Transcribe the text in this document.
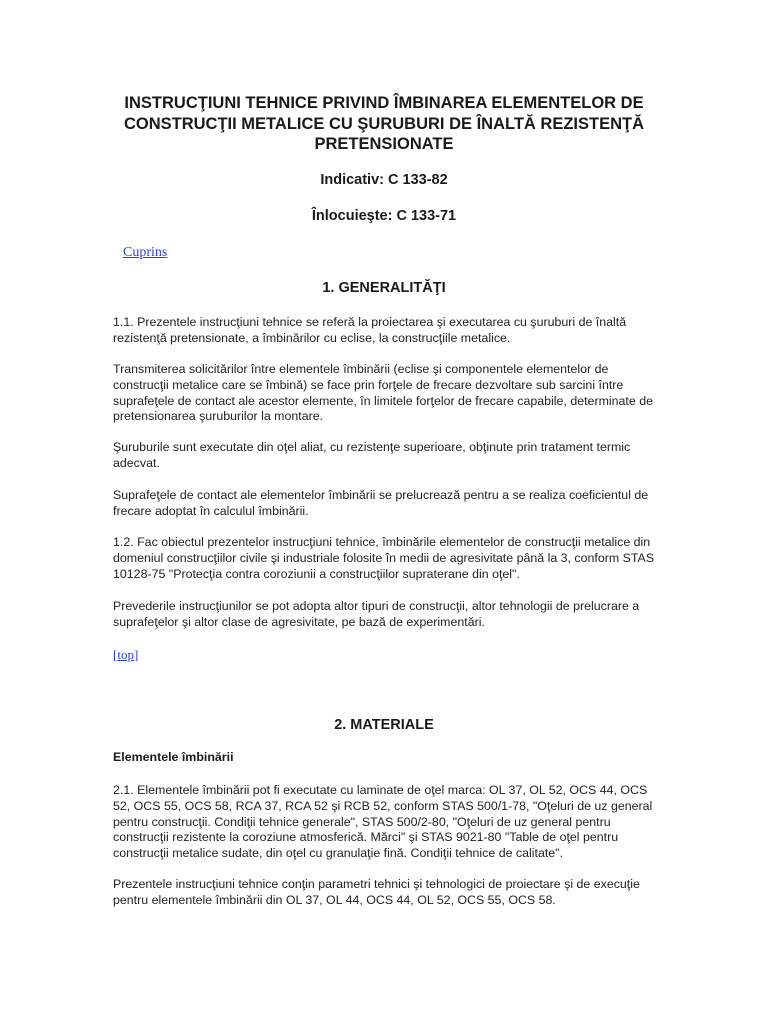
INSTRUCŢIUNI TEHNICE PRIVIND ÎMBINAREA ELEMENTELOR DE CONSTRUCŢII METALICE CU ŞURUBURI DE ÎNALTĂ REZISTENŢĂ PRETENSIONATE

Indicativ: C 133-82

Înlocuieşte: C 133-71

Cuprins
1. GENERALITĂŢI

1.1. Prezentele instrucţiuni tehnice se referă la proiectarea şi executarea cu şuruburi de înaltă rezistenţă pretensionate, a îmbinărilor cu eclise, la construcţiile metalice.

Transmiterea solicitărilor între elementele îmbinării (eclise şi componentele elementelor de construcţii metalice care se îmbină) se face prin forţele de frecare dezvoltare sub sarcini între suprafeţele de contact ale acestor elemente, în limitele forţelor de frecare capabile, determinate de pretensionarea şuruburilor la montare.

Şuruburile sunt executate din oţel aliat, cu rezistenţe superioare, obţinute prin tratament termic adecvat.

Suprafeţele de contact ale elementelor îmbinării se prelucrează pentru a se realiza coeficientul de frecare adoptat în calculul îmbinării.

1.2. Fac obiectul prezentelor instrucţiuni tehnice, îmbinările elementelor de construcţii metalice din domeniul construcţiilor civile şi industriale folosite în medii de agresivitate până la 3, conform STAS 10128-75 "Protecţia contra coroziunii a construcţiilor supraterane din oţel".

Prevederile instrucţiunilor se pot adopta altor tipuri de construcţii, altor tehnologii de prelucrare a suprafeţelor şi altor clase de agresivitate, pe bază de experimentări.

[top]
2. MATERIALE

Elementele îmbinării

2.1. Elementele îmbinării pot fi executate cu laminate de oţel marca: OL 37, OL 52, OCS 44, OCS 52, OCS 55, OCS 58, RCA 37, RCA 52 şi RCB 52, conform STAS 500/1-78, "Oţeluri de uz general pentru construcţii. Condiţii tehnice generale", STAS 500/2-80, "Oţeluri de uz general pentru construcţii rezistente la coroziune atmosferică. Mărci" şi STAS 9021-80 "Table de oţel pentru construcţii metalice sudate, din oţel cu granulaţie fină. Condiţii tehnice de calitate".

Prezentele instrucţiuni tehnice conţin parametri tehnici şi tehnologici de proiectare şi de execuţie pentru elementele îmbinării din OL 37, OL 44, OCS 44, OL 52, OCS 55, OCS 58.
